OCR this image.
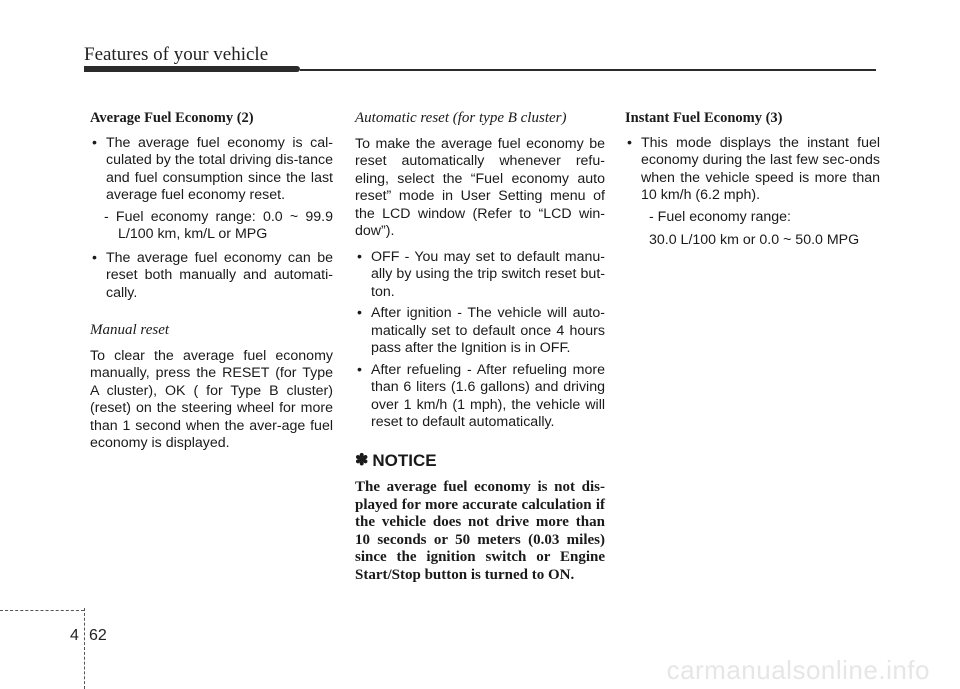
Features of your vehicle

Average Fuel Economy (2)

• The average fuel economy is cal-culated by the total driving dis-tance and fuel consumption since the last average fuel economy reset.

- Fuel economy range: 0.0 ~ 99.9 L/100 km, km/L or MPG

• The average fuel economy can be reset both manually and automati-cally.

Manual reset

To clear the average fuel economy manually, press the RESET (for Type A cluster), OK ( for Type B cluster) (reset) on the steering wheel for more than 1 second when the aver-age fuel economy is displayed.

Automatic reset (for type B cluster)

To make the average fuel economy be reset automatically whenever refu-eling, select the “Fuel economy auto reset” mode in User Setting menu of the LCD window (Refer to “LCD win-dow”).

• OFF - You may set to default manu-ally by using the trip switch reset but-ton.

• After ignition - The vehicle will auto-matically set to default once 4 hours pass after the Ignition is in OFF.

• After refueling - After refueling more than 6 liters (1.6 gallons) and driving over 1 km/h (1 mph), the vehicle will reset to default automatically.

✽ NOTICE

The average fuel economy is not dis-played for more accurate calculation if the vehicle does not drive more than 10 seconds or 50 meters (0.03 miles) since the ignition switch or Engine Start/Stop button is turned to ON.

Instant Fuel Economy (3)

• This mode displays the instant fuel economy during the last few sec-onds when the vehicle speed is more than 10 km/h (6.2 mph).

- Fuel economy range:

30.0 L/100 km or 0.0 ~ 50.0 MPG

4 62
carmanualsonline.info
